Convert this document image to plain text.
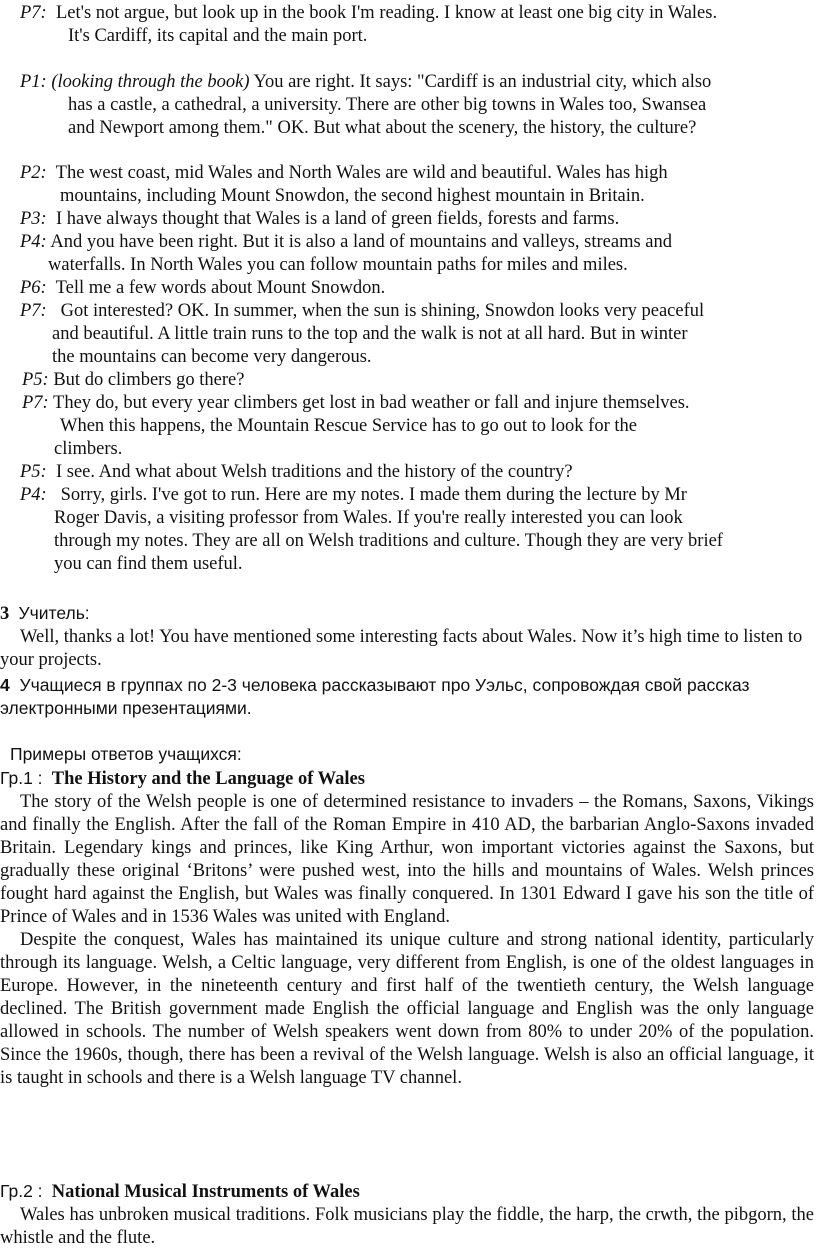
P7: Let's not argue, but look up in the book I'm reading. I know at least one big city in Wales.
It's Cardiff, its capital and the main port.
P1: (looking through the book) You are right. It says: "Cardiff is an industrial city, which also
has a castle, a cathedral, a university. There are other big towns in Wales too, Swansea
and Newport among them." OK. But what about the scenery, the history, the culture?
P2: The west coast, mid Wales and North Wales are wild and beautiful. Wales has high
mountains, including Mount Snowdon, the second highest mountain in Britain.
P3: I have always thought that Wales is a land of green fields, forests and farms.
P4: And you have been right. But it is also a land of mountains and valleys, streams and
waterfalls. In North Wales you can follow mountain paths for miles and miles.
P6: Tell me a few words about Mount Snowdon.
P7: Got interested? OK. In summer, when the sun is shining, Snowdon looks very peaceful
and beautiful. A little train runs to the top and the walk is not at all hard. But in winter
the mountains can become very dangerous.
P5: But do climbers go there?
P7: They do, but every year climbers get lost in bad weather or fall and injure themselves.
When this happens, the Mountain Rescue Service has to go out to look for the
climbers.
P5: I see. And what about Welsh traditions and the history of the country?
P4: Sorry, girls. I've got to run. Here are my notes. I made them during the lecture by Mr
Roger Davis, a visiting professor from Wales. If you're really interested you can look
through my notes. They are all on Welsh traditions and culture. Though they are very brief
you can find them useful.
3 Учитель:

Well, thanks a lot! You have mentioned some interesting facts about Wales. Now it’s high time to listen to your projects.

4 Учащиеся в группах по 2-3 человека рассказывают про Уэльс, сопровождая свой рассказ электронными презентациями.

Примеры ответов учащихся:
Гр.1 : The History and the Language of Wales

The story of the Welsh people is one of determined resistance to invaders – the Romans, Saxons, Vikings and finally the English. After the fall of the Roman Empire in 410 AD, the barbarian Anglo-Saxons invaded Britain. Legendary kings and princes, like King Arthur, won important victories against the Saxons, but gradually these original ‘Britons’ were pushed west, into the hills and mountains of Wales. Welsh princes fought hard against the English, but Wales was finally conquered. In 1301 Edward I gave his son the title of Prince of Wales and in 1536 Wales was united with England.

Despite the conquest, Wales has maintained its unique culture and strong national identity, particularly through its language. Welsh, a Celtic language, very different from English, is one of the oldest languages in Europe. However, in the nineteenth century and first half of the twentieth century, the Welsh language declined. The British government made English the official language and English was the only language allowed in schools. The number of Welsh speakers went down from 80% to under 20% of the population. Since the 1960s, though, there has been a revival of the Welsh language. Welsh is also an official language, it is taught in schools and there is a Welsh language TV channel.

Гр.2 : National Musical Instruments of Wales

Wales has unbroken musical traditions. Folk musicians play the fiddle, the harp, the crwth, the pibgorn, the whistle and the flute.
